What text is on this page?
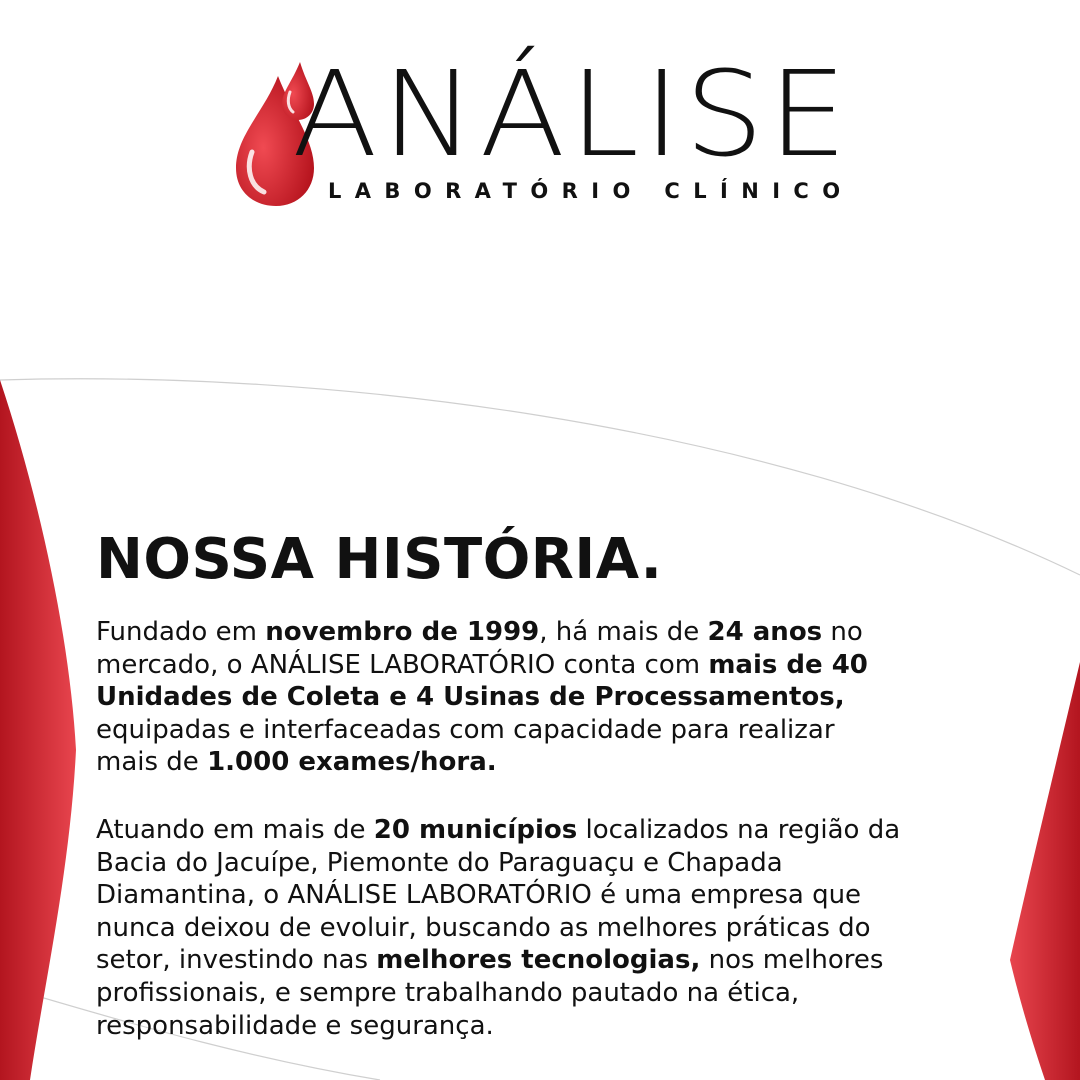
ANÁLISE
LABORATÓRIO CLÍNICO
NOSSA HISTÓRIA.

Fundado em novembro de 1999, há mais de 24 anos no
mercado, o ANÁLISE LABORATÓRIO conta com mais de 40
Unidades de Coleta e 4 Usinas de Processamentos,
equipadas e interfaceadas com capacidade para realizar
mais de 1.000 exames/hora.

Atuando em mais de 20 municípios localizados na região da
Bacia do Jacuípe, Piemonte do Paraguaçu e Chapada
Diamantina, o ANÁLISE LABORATÓRIO é uma empresa que
nunca deixou de evoluir, buscando as melhores práticas do
setor, investindo nas melhores tecnologias, nos melhores
profissionais, e sempre trabalhando pautado na ética,
responsabilidade e segurança.
